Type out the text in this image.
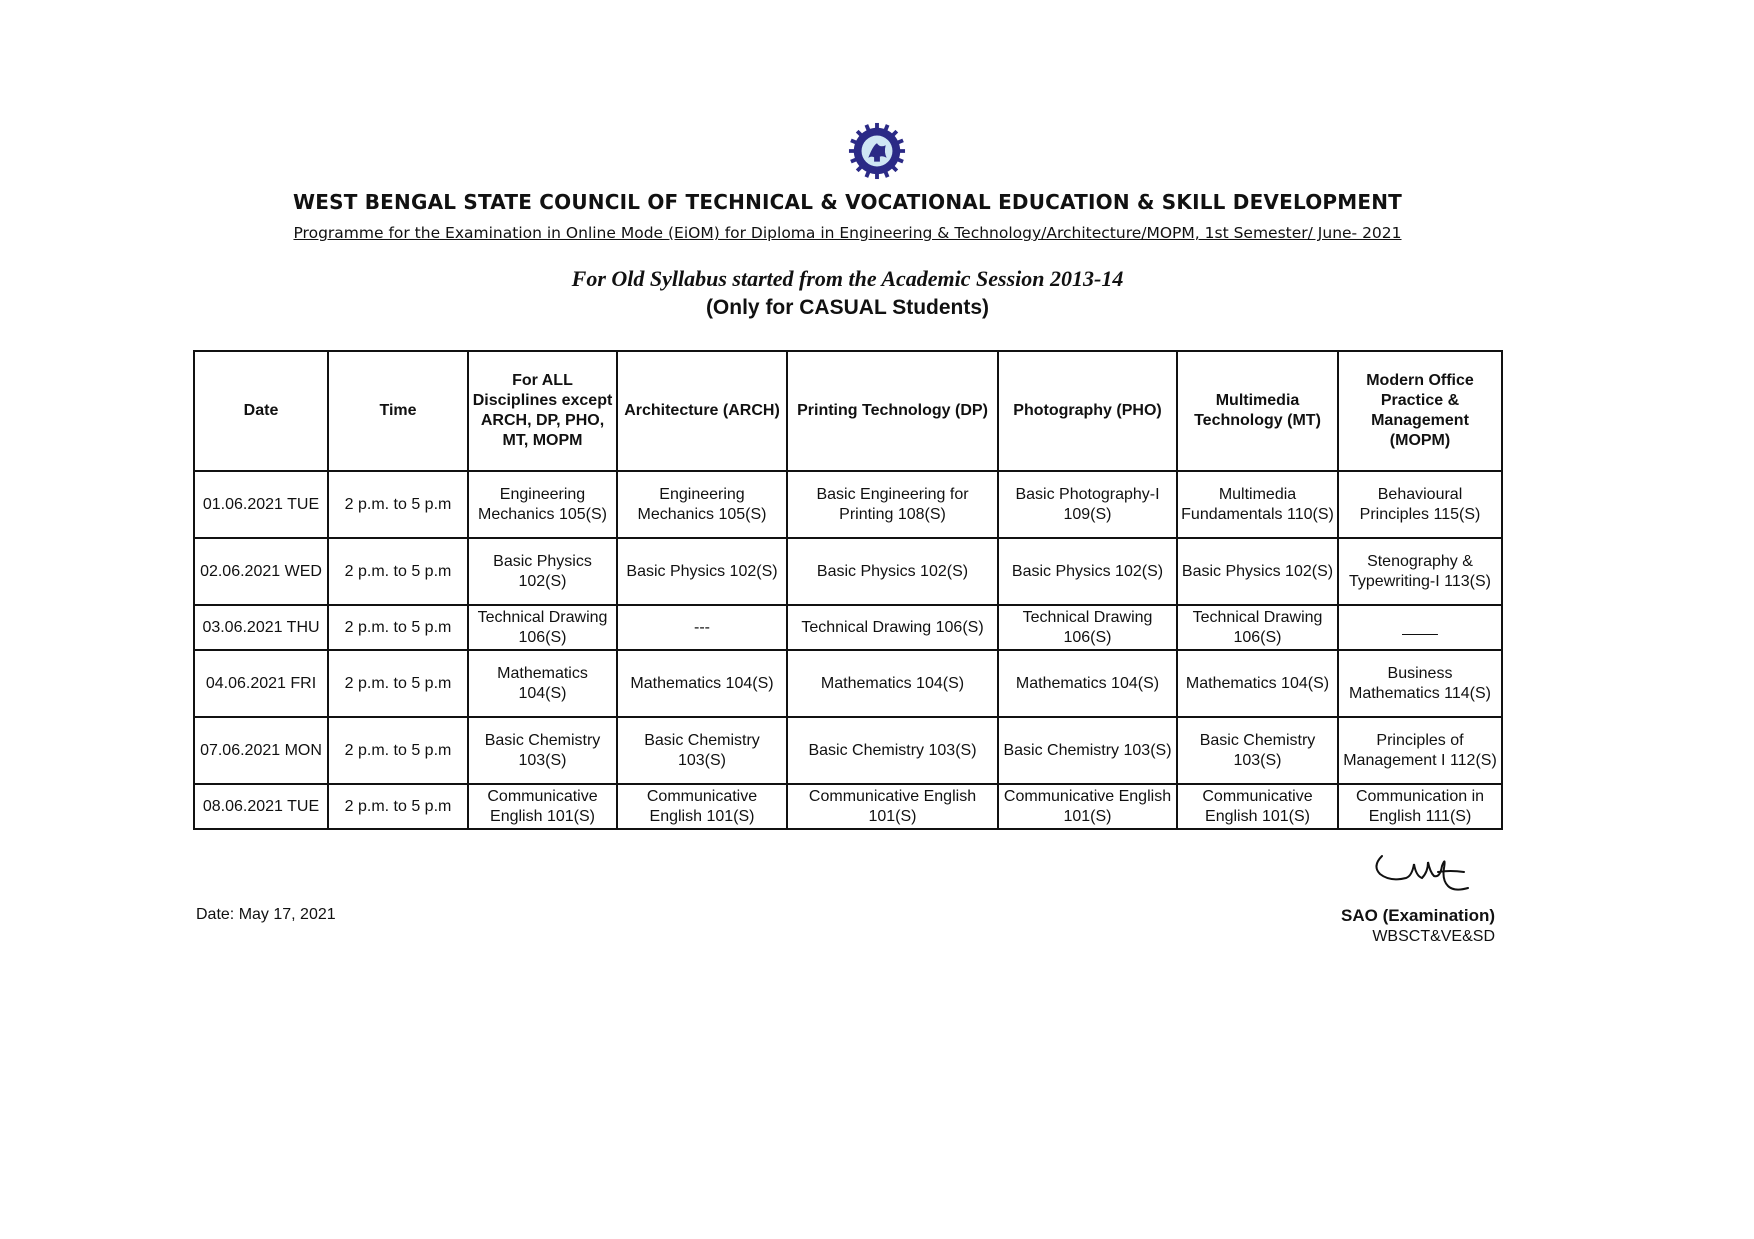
WEST BENGAL STATE COUNCIL OF TECHNICAL & VOCATIONAL EDUCATION & SKILL DEVELOPMENT
Programme for the Examination in Online Mode (EiOM) for Diploma in Engineering & Technology/Architecture/MOPM, 1st Semester/ June- 2021
For Old Syllabus started from the Academic Session 2013-14
(Only for CASUAL Students)
Date	Time	For ALL Disciplines except ARCH, DP, PHO, MT, MOPM	Architecture (ARCH)	Printing Technology (DP)	Photography (PHO)	Multimedia Technology (MT)	Modern Office Practice & Management (MOPM)
01.06.2021 TUE	2 p.m. to 5 p.m	Engineering Mechanics 105(S)	Engineering Mechanics 105(S)	Basic Engineering for Printing 108(S)	Basic Photography-I 109(S)	Multimedia Fundamentals 110(S)	Behavioural Principles 115(S)
02.06.2021 WED	2 p.m. to 5 p.m	Basic Physics 102(S)	Basic Physics 102(S)	Basic Physics 102(S)	Basic Physics 102(S)	Basic Physics 102(S)	Stenography & Typewriting-I 113(S)
03.06.2021 THU	2 p.m. to 5 p.m	Technical Drawing 106(S)	---	Technical Drawing 106(S)	Technical Drawing 106(S)	Technical Drawing 106(S)	____
04.06.2021 FRI	2 p.m. to 5 p.m	Mathematics 104(S)	Mathematics 104(S)	Mathematics 104(S)	Mathematics 104(S)	Mathematics 104(S)	Business Mathematics 114(S)
07.06.2021 MON	2 p.m. to 5 p.m	Basic Chemistry 103(S)	Basic Chemistry 103(S)	Basic Chemistry 103(S)	Basic Chemistry 103(S)	Basic Chemistry 103(S)	Principles of Management I 112(S)
08.06.2021 TUE	2 p.m. to 5 p.m	Communicative English 101(S)	Communicative English 101(S)	Communicative English 101(S)	Communicative English 101(S)	Communicative English 101(S)	Communication in English 111(S)
Date: May 17, 2021	SAO (Examination)
WBSCT&VE&SD
